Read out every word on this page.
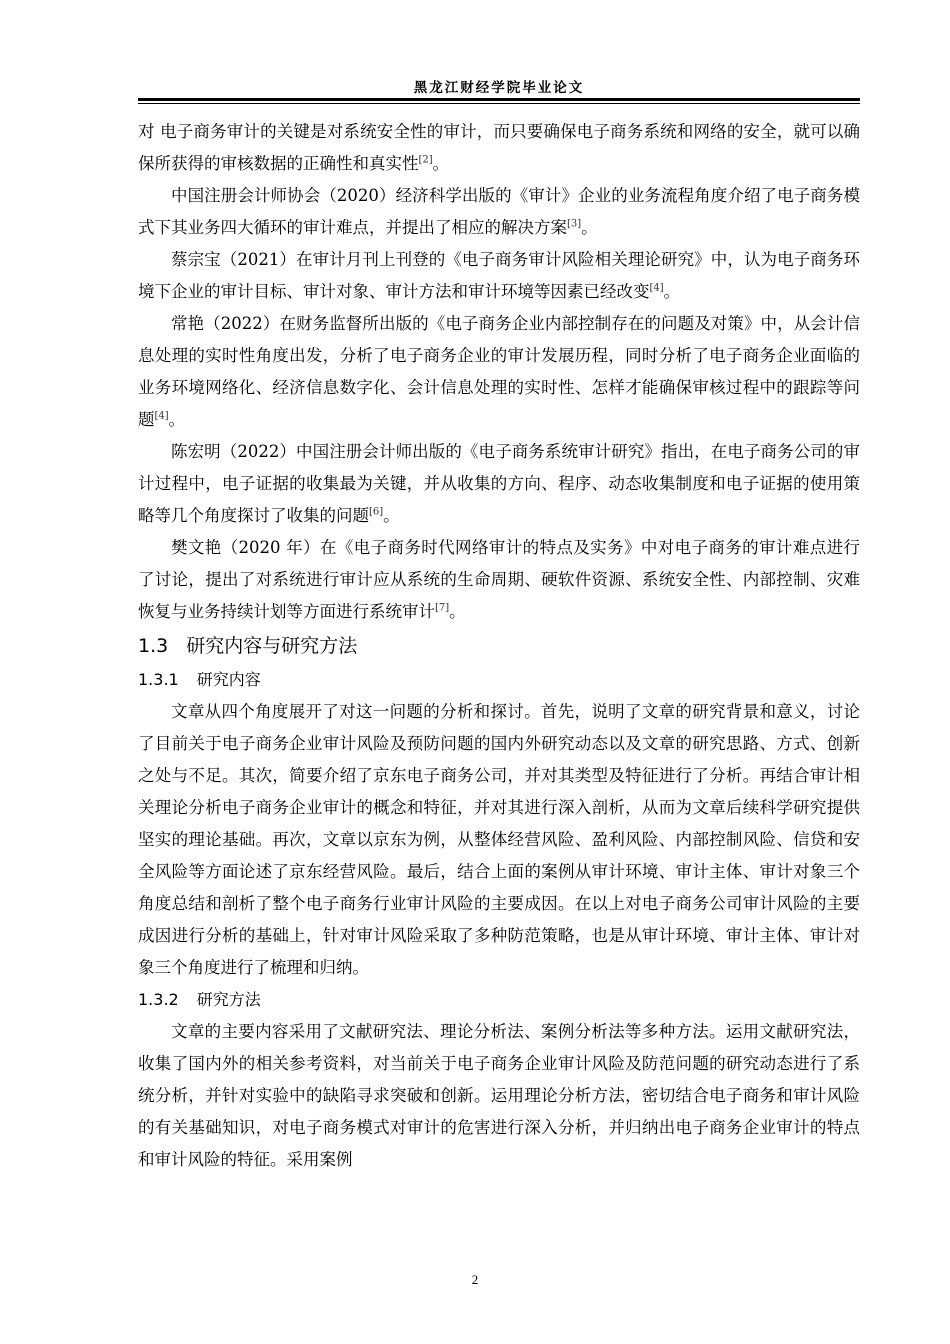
黑龙江财经学院毕业论文

对 电子商务审计的关键是对系统安全性的审计，而只要确保电子商务系统和网络的安全，就可以确保所获得的审核数据的正确性和真实性[2]。

中国注册会计师协会（2020）经济科学出版的《审计》企业的业务流程角度介绍了电子商务模式下其业务四大循环的审计难点，并提出了相应的解决方案[3]。

蔡宗宝（2021）在审计月刊上刊登的《电子商务审计风险相关理论研究》中，认为电子商务环境下企业的审计目标、审计对象、审计方法和审计环境等因素已经改变[4]。

常艳（2022）在财务监督所出版的《电子商务企业内部控制存在的问题及对策》中，从会计信息处理的实时性角度出发，分析了电子商务企业的审计发展历程，同时分析了电子商务企业面临的业务环境网络化、经济信息数字化、会计信息处理的实时性、怎样才能确保审核过程中的跟踪等问题[4]。

陈宏明（2022）中国注册会计师出版的《电子商务系统审计研究》指出，在电子商务公司的审计过程中，电子证据的收集最为关键，并从收集的方向、程序、动态收集制度和电子证据的使用策略等几个角度探讨了收集的问题[6]。

樊文艳（2020 年）在《电子商务时代网络审计的特点及实务》中对电子商务的审计难点进行了讨论，提出了对系统进行审计应从系统的生命周期、硬软件资源、系统安全性、内部控制、灾难恢复与业务持续计划等方面进行系统审计[7]。

1.3 研究内容与研究方法
1.3.1 研究内容

文章从四个角度展开了对这一问题的分析和探讨。首先，说明了文章的研究背景和意义，讨论了目前关于电子商务企业审计风险及预防问题的国内外研究动态以及文章的研究思路、方式、创新之处与不足。其次，简要介绍了京东电子商务公司，并对其类型及特征进行了分析。再结合审计相关理论分析电子商务企业审计的概念和特征，并对其进行深入剖析，从而为文章后续科学研究提供坚实的理论基础。再次，文章以京东为例，从整体经营风险、盈利风险、内部控制风险、信贷和安全风险等方面论述了京东经营风险。最后，结合上面的案例从审计环境、审计主体、审计对象三个角度总结和剖析了整个电子商务行业审计风险的主要成因。在以上对电子商务公司审计风险的主要成因进行分析的基础上，针对审计风险采取了多种防范策略，也是从审计环境、审计主体、审计对象三个角度进行了梳理和归纳。

1.3.2 研究方法

文章的主要内容采用了文献研究法、理论分析法、案例分析法等多种方法。运用文献研究法，收集了国内外的相关参考资料，对当前关于电子商务企业审计风险及防范问题的研究动态进行了系统分析，并针对实验中的缺陷寻求突破和创新。运用理论分析方法，密切结合电子商务和审计风险的有关基础知识，对电子商务模式对审计的危害进行深入分析，并归纳出电子商务企业审计的特点和审计风险的特征。采用案例

2
